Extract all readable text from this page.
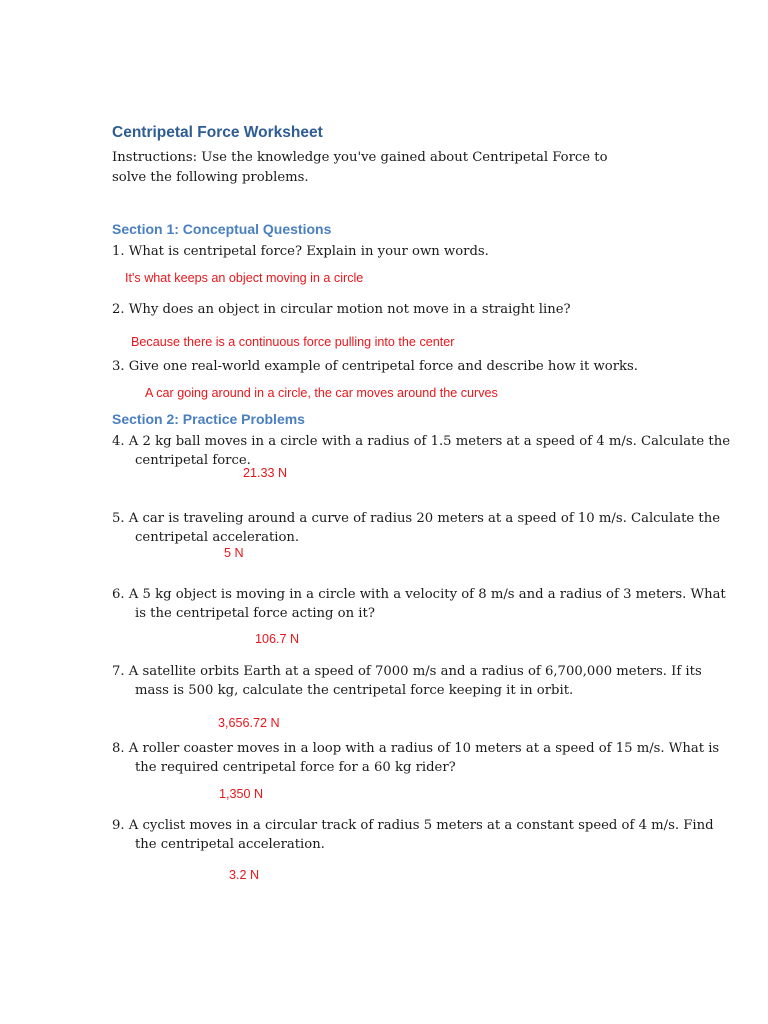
Centripetal Force Worksheet
Instructions: Use the knowledge you've gained about Centripetal Force to solve the following problems.
Section 1: Conceptual Questions
1. What is centripetal force? Explain in your own words.
It's what keeps an object moving in a circle
2. Why does an object in circular motion not move in a straight line?
Because there is a continuous force pulling into the center
3. Give one real-world example of centripetal force and describe how it works.
A car going around in a circle, the car moves around the curves
Section 2: Practice Problems
4. A 2 kg ball moves in a circle with a radius of 1.5 meters at a speed of 4 m/s. Calculate the
centripetal force.
21.33 N
5. A car is traveling around a curve of radius 20 meters at a speed of 10 m/s. Calculate the
centripetal acceleration.
5 N
6. A 5 kg object is moving in a circle with a velocity of 8 m/s and a radius of 3 meters. What
is the centripetal force acting on it?
106.7 N
7. A satellite orbits Earth at a speed of 7000 m/s and a radius of 6,700,000 meters. If its
mass is 500 kg, calculate the centripetal force keeping it in orbit.
3,656.72 N
8. A roller coaster moves in a loop with a radius of 10 meters at a speed of 15 m/s. What is
the required centripetal force for a 60 kg rider?
1,350 N
9. A cyclist moves in a circular track of radius 5 meters at a constant speed of 4 m/s. Find
the centripetal acceleration.
3.2 N
